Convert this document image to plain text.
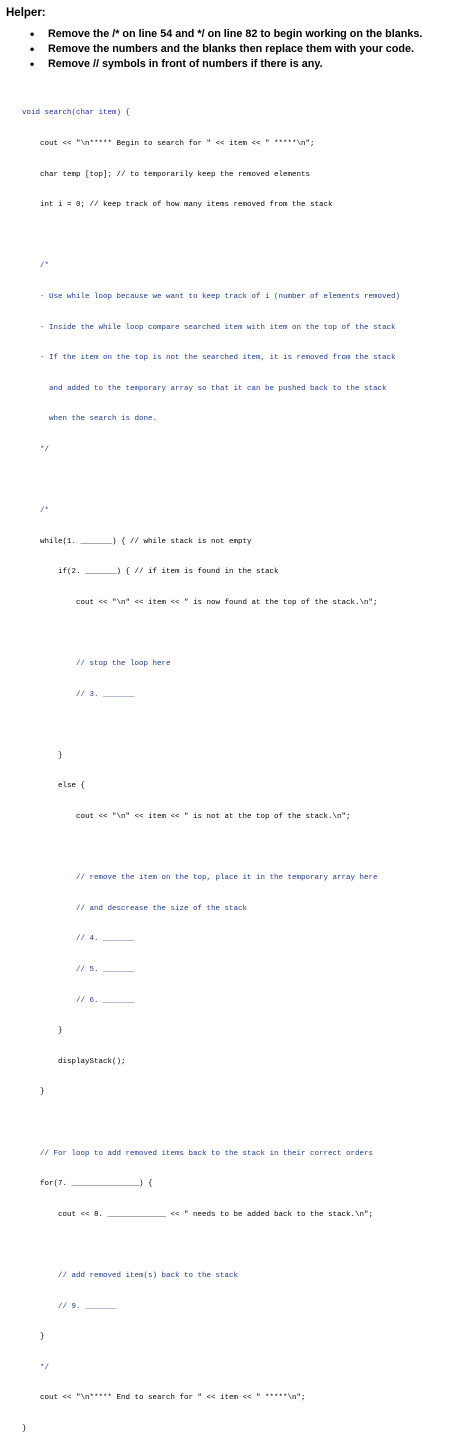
Helper:
• Remove the /* on line 54 and */ on line 82 to begin working on the blanks.
• Remove the numbers and the blanks then replace them with your code.
• Remove // symbols in front of numbers if there is any.

void search(char item) {

cout << "\n***** Begin to search for " << item << " *****\n";

char temp [top]; // to temporarily keep the removed elements

int i = 0; // keep track of how many items removed from the stack

/*

- Use while loop because we want to keep track of i (number of elements removed)

- Inside the while loop compare searched item with item on the top of the stack

- If the item on the top is not the searched item, it is removed from the stack

and added to the temporary array so that it can be pushed back to the stack

when the search is done.

*/

/*

while(1. _______) { // while stack is not empty

if(2. _______) { // if item is found in the stack

cout << "\n" << item << " is now found at the top of the stack.\n";

// stop the loop here

// 3. _______

}

else {

cout << "\n" << item << " is not at the top of the stack.\n";

// remove the item on the top, place it in the temporary array here

// and descrease the size of the stack

// 4. _______

// 5. _______

// 6. _______

}

displayStack();

}

// For loop to add removed items back to the stack in their correct orders

for(7. _______________) {

cout << 8. _____________ << " needs to be added back to the stack.\n";

// add removed item(s) back to the stack

// 9. _______

}

*/

cout << "\n***** End to search for " << item << " *****\n";

}
